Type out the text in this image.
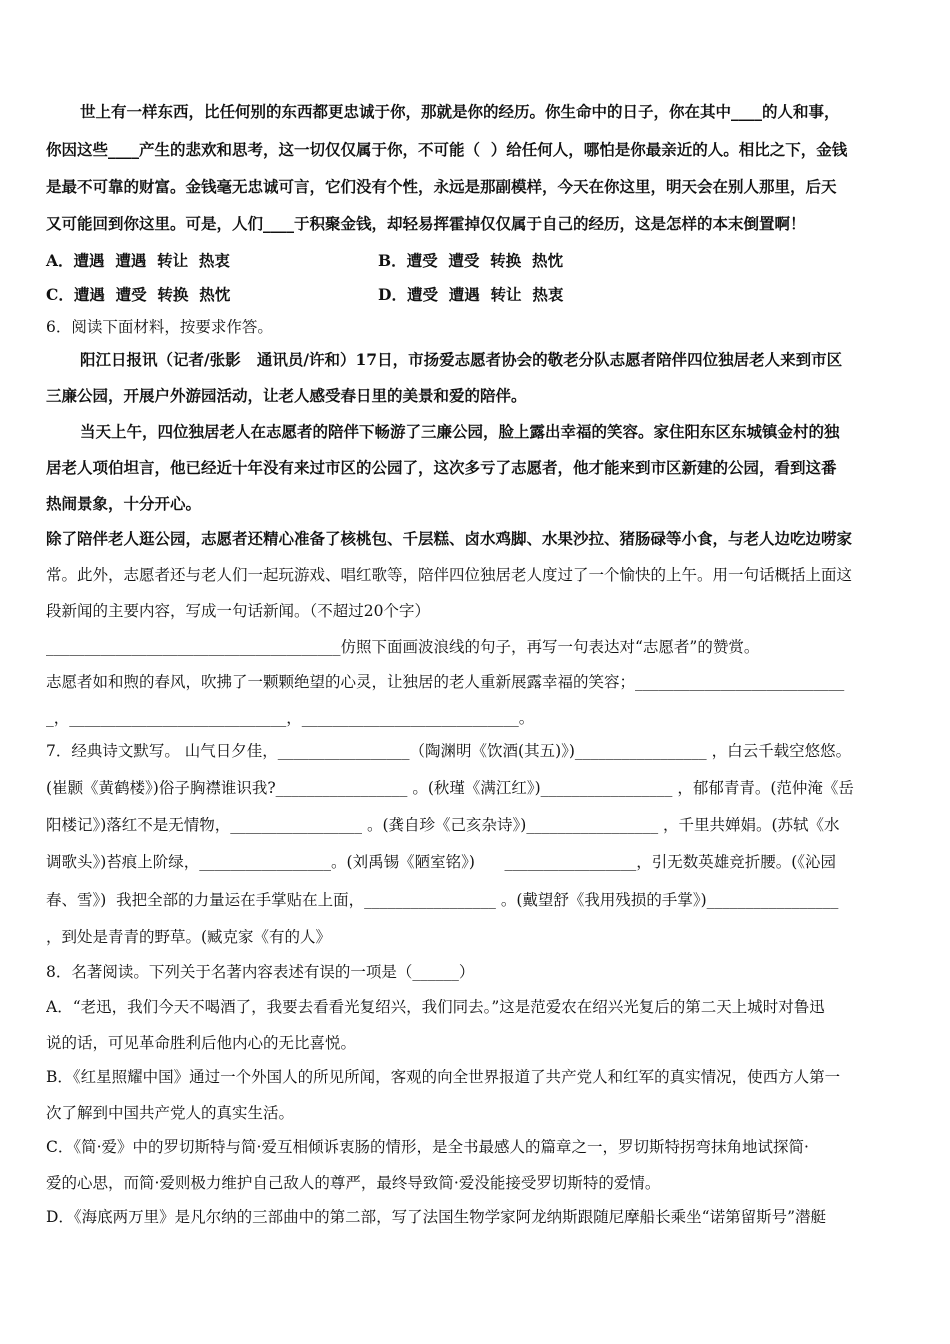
世上有一样东西，比任何别的东西都更忠诚于你，那就是你的经历。你生命中的日子，你在其中____的人和事，
你因这些____产生的悲欢和思考，这一切仅仅属于你，不可能（  ）给任何人，哪怕是你最亲近的人。相比之下，金钱
是最不可靠的财富。金钱毫无忠诚可言，它们没有个性，永远是那副模样，今天在你这里，明天会在别人那里，后天
又可能回到你这里。可是，人们____于积聚金钱，却轻易挥霍掉仅仅属于自己的经历，这是怎样的本末倒置啊！
A．遭遇  遭遇  转让  热衷	B．遭受  遭受  转换  热忱
C．遭遇  遭受  转换  热忱	D．遭受  遭遇  转让  热衷
6．阅读下面材料，按要求作答。
阳江日报讯（记者/张影   通讯员/许和）17日，市扬爱志愿者协会的敬老分队志愿者陪伴四位独居老人来到市区
三廉公园，开展户外游园活动，让老人感受春日里的美景和爱的陪伴。
当天上午，四位独居老人在志愿者的陪伴下畅游了三廉公园，脸上露出幸福的笑容。家住阳东区东城镇金村的独
居老人项伯坦言，他已经近十年没有来过市区的公园了，这次多亏了志愿者，他才能来到市区新建的公园，看到这番
热闹景象，十分开心。
除了陪伴老人逛公园，志愿者还精心准备了核桃包、千层糕、卤水鸡脚、水果沙拉、猪肠碌等小食，与老人边吃边唠家
常。此外，志愿者还与老人们一起玩游戏、唱红歌等，陪伴四位独居老人度过了一个愉快的上午。用一句话概括上面这
段新闻的主要内容，写成一句话新闻。（不超过20个字）
______________________________________仿照下面画波浪线的句子，再写一句表达对“志愿者”的赞赏。
志愿者如和煦的春风，吹拂了一颗颗绝望的心灵，让独居的老人重新展露幸福的笑容；___________________________
_，____________________________，____________________________。
7．经典诗文默写。 山气日夕佳，_________________（陶渊明《饮酒(其五)》)_________________ ，白云千载空悠悠。
(崔颢《黄鹤楼》)俗子胸襟谁识我?_________________ 。(秋瑾《满江红》)_________________ ，郁郁青青。(范仲淹《岳
阳楼记》)落红不是无情物，_________________ 。(龚自珍《己亥杂诗》)_________________ ，千里共婵娟。(苏轼《水
调歌头》)苔痕上阶绿，_________________。(刘禹锡《陋室铭》)      _________________，引无数英雄竞折腰。(《沁园
春、雪》)  我把全部的力量运在手掌贴在上面，_________________ 。(戴望舒《我用残损的手掌》)_________________
，到处是青青的野草。(臧克家《有的人》
8．名著阅读。下列关于名著内容表述有误的一项是（______）
A．“老迅，我们今天不喝酒了，我要去看看光复绍兴，我们同去。”这是范爱农在绍兴光复后的第二天上城时对鲁迅
说的话，可见革命胜利后他内心的无比喜悦。
B．《红星照耀中国》通过一个外国人的所见所闻，客观的向全世界报道了共产党人和红军的真实情况，使西方人第一
次了解到中国共产党人的真实生活。
C．《简·爱》中的罗切斯特与简·爱互相倾诉衷肠的情形，是全书最感人的篇章之一，罗切斯特拐弯抹角地试探简·
爱的心思，而简·爱则极力维护自己敌人的尊严，最终导致简·爱没能接受罗切斯特的爱情。
D．《海底两万里》是凡尔纳的三部曲中的第二部，写了法国生物学家阿龙纳斯跟随尼摩船长乘坐“诺第留斯号”潜艇
